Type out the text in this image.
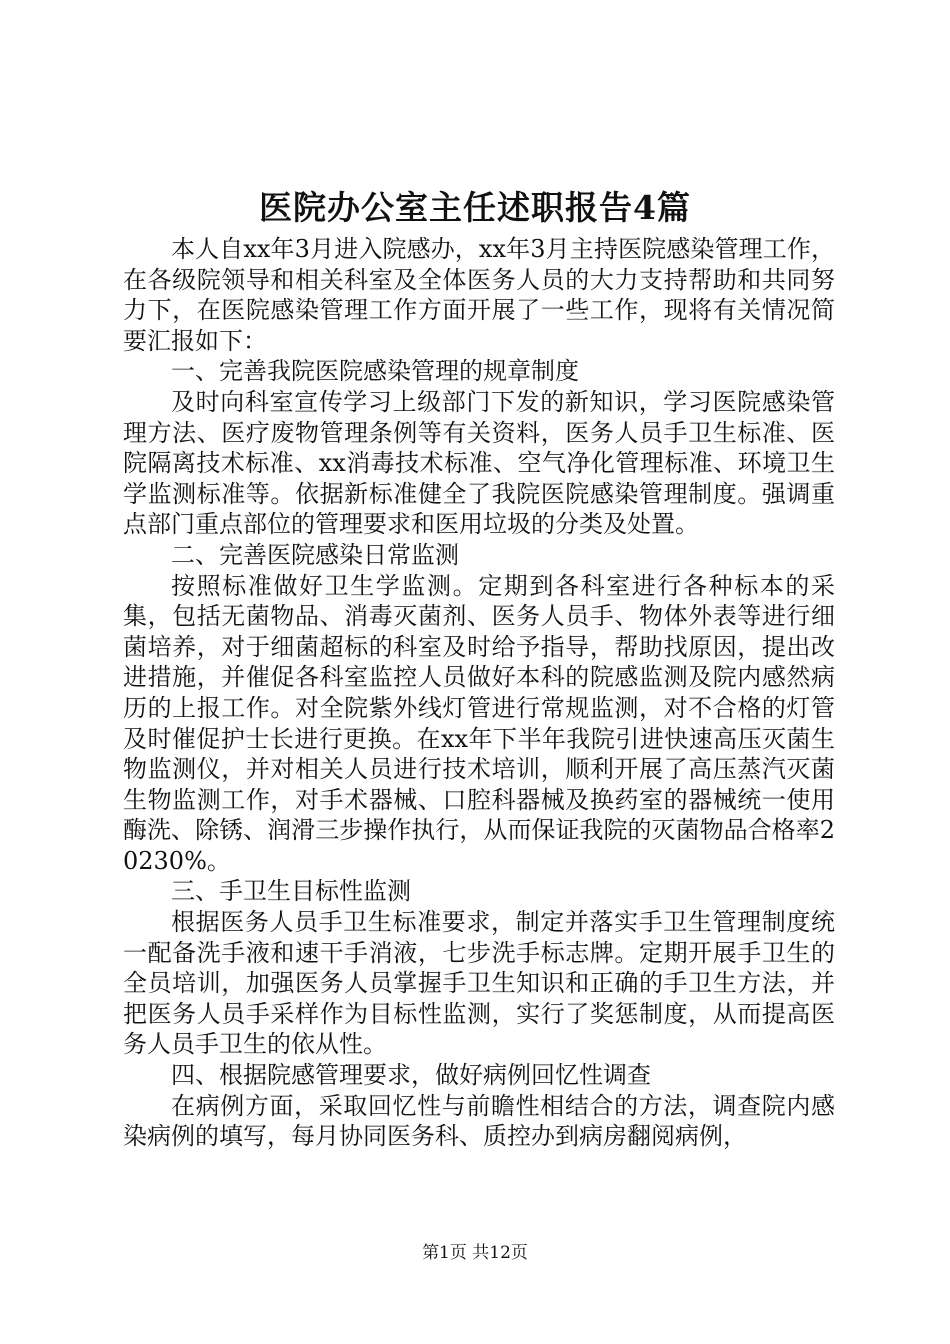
医院办公室主任述职报告4篇

本人自xx年3月进入院感办，xx年3月主持医院感染管理工作，在各级院领导和相关科室及全体医务人员的大力支持帮助和共同努力下，在医院感染管理工作方面开展了一些工作，现将有关情况简要汇报如下：

一、完善我院医院感染管理的规章制度

及时向科室宣传学习上级部门下发的新知识，学习医院感染管理方法、医疗废物管理条例等有关资料，医务人员手卫生标准、医院隔离技术标准、xx消毒技术标准、空气净化管理标准、环境卫生学监测标准等。依据新标准健全了我院医院感染管理制度。强调重点部门重点部位的管理要求和医用垃圾的分类及处置。

二、完善医院感染日常监测

按照标准做好卫生学监测。定期到各科室进行各种标本的采集，包括无菌物品、消毒灭菌剂、医务人员手、物体外表等进行细菌培养，对于细菌超标的科室及时给予指导，帮助找原因，提出改进措施，并催促各科室监控人员做好本科的院感监测及院内感然病历的上报工作。对全院紫外线灯管进行常规监测，对不合格的灯管及时催促护士长进行更换。在xx年下半年我院引进快速高压灭菌生物监测仪，并对相关人员进行技术培训，顺利开展了高压蒸汽灭菌生物监测工作，对手术器械、口腔科器械及换药室的器械统一使用酶洗、除锈、润滑三步操作执行，从而保证我院的灭菌物品合格率20230%。

三、手卫生目标性监测

根据医务人员手卫生标准要求，制定并落实手卫生管理制度统一配备洗手液和速干手消液，七步洗手标志牌。定期开展手卫生的全员培训，加强医务人员掌握手卫生知识和正确的手卫生方法，并把医务人员手采样作为目标性监测，实行了奖惩制度，从而提高医务人员手卫生的依从性。

四、根据院感管理要求，做好病例回忆性调查

在病例方面，采取回忆性与前瞻性相结合的方法，调查院内感染病例的填写，每月协同医务科、质控办到病房翻阅病例，

第1页 共12页
